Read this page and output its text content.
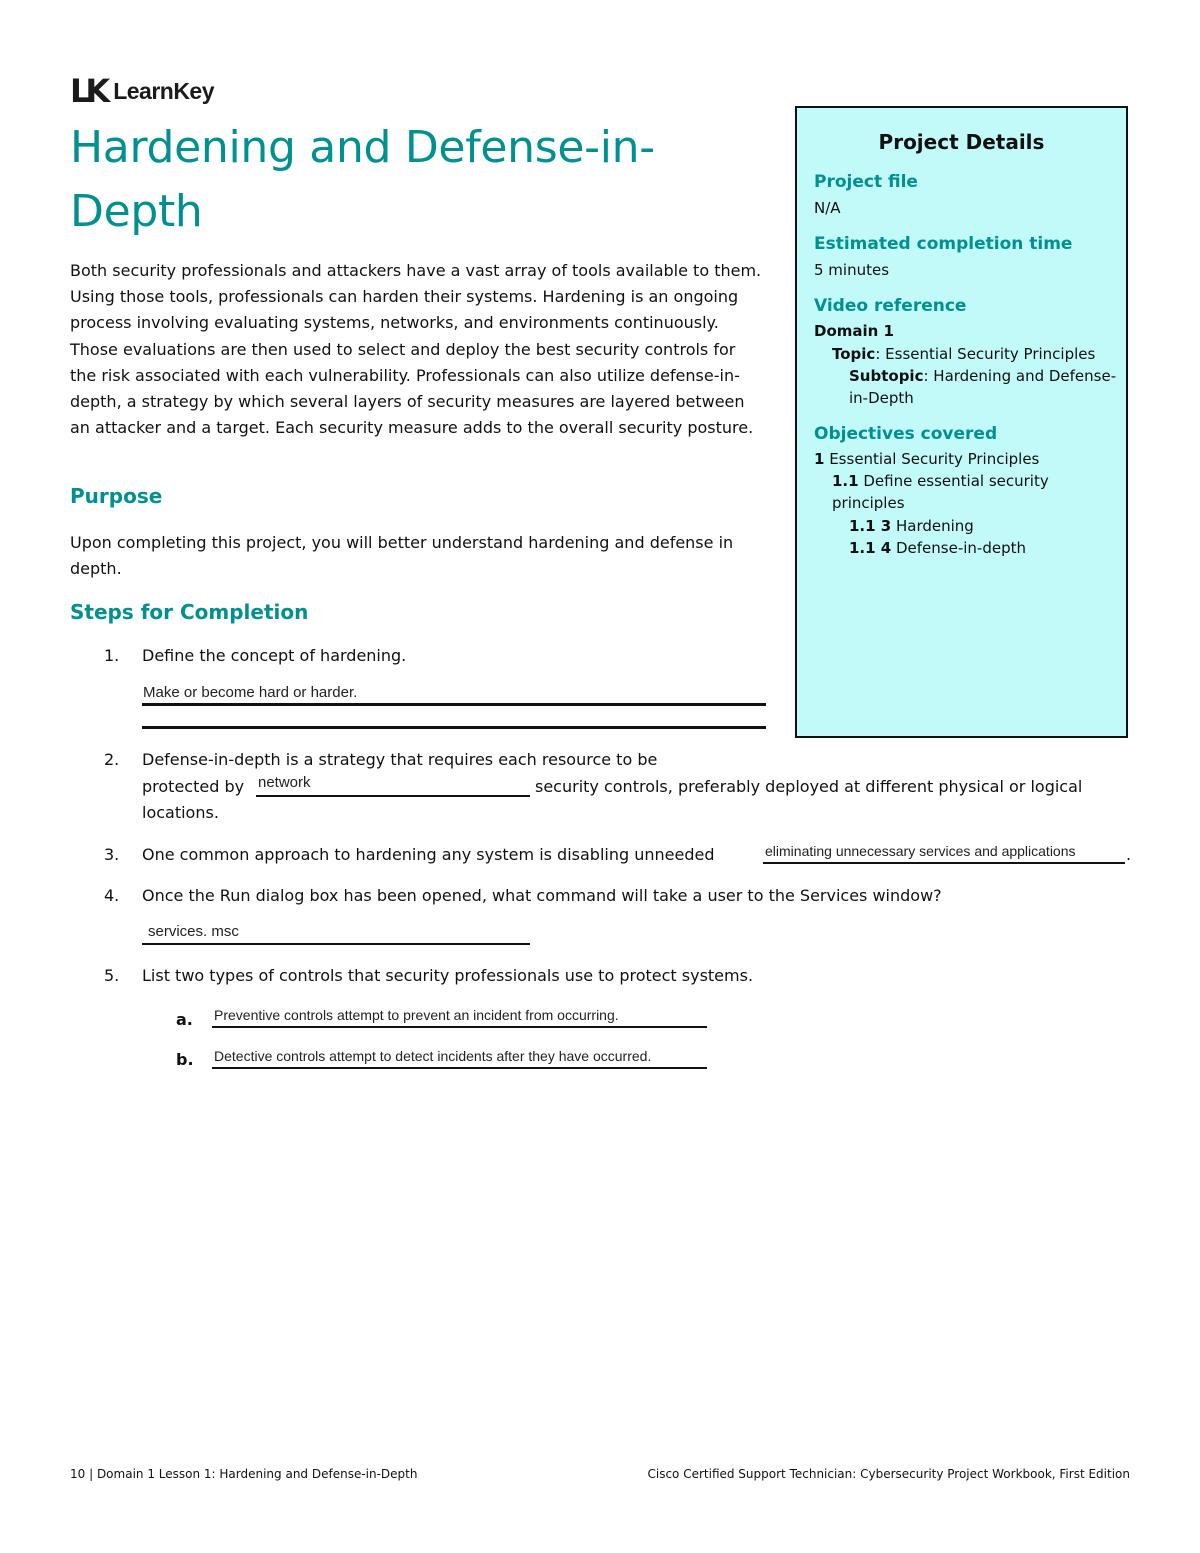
LK LearnKey
Hardening and Defense-in-Depth

Both security professionals and attackers have a vast array of tools available to them. Using those tools, professionals can harden their systems. Hardening is an ongoing process involving evaluating systems, networks, and environments continuously. Those evaluations are then used to select and deploy the best security controls for the risk associated with each vulnerability. Professionals can also utilize defense-in-depth, a strategy by which several layers of security measures are layered between an attacker and a target. Each security measure adds to the overall security posture.

Purpose

Upon completing this project, you will better understand hardening and defense in depth.

Steps for Completion
1. Define the concept of hardening.
Make or become hard or harder.
2. Defense-in-depth is a strategy that requires each resource to be
protected by network	security controls, preferably deployed at different physical or logical
locations.
3. One common approach to hardening any system is disabling unneeded	eliminating unnecessary services and applications	.
4. Once the Run dialog box has been opened, what command will take a user to the Services window?
services. msc
5. List two types of controls that security professionals use to protect systems.
a. Preventive controls attempt to prevent an incident from occurring.
b. Detective controls attempt to detect incidents after they have occurred.
Project Details
Project file
N/A
Estimated completion time
5 minutes
Video reference
Domain 1
Topic: Essential Security Principles
Subtopic: Hardening and Defense-
in-Depth
Objectives covered
1 Essential Security Principles
1.1 Define essential security
principles
1.1 3 Hardening
1.1 4 Defense-in-depth
10 | Domain 1 Lesson 1: Hardening and Defense-in-Depth	Cisco Certified Support Technician: Cybersecurity Project Workbook, First Edition
